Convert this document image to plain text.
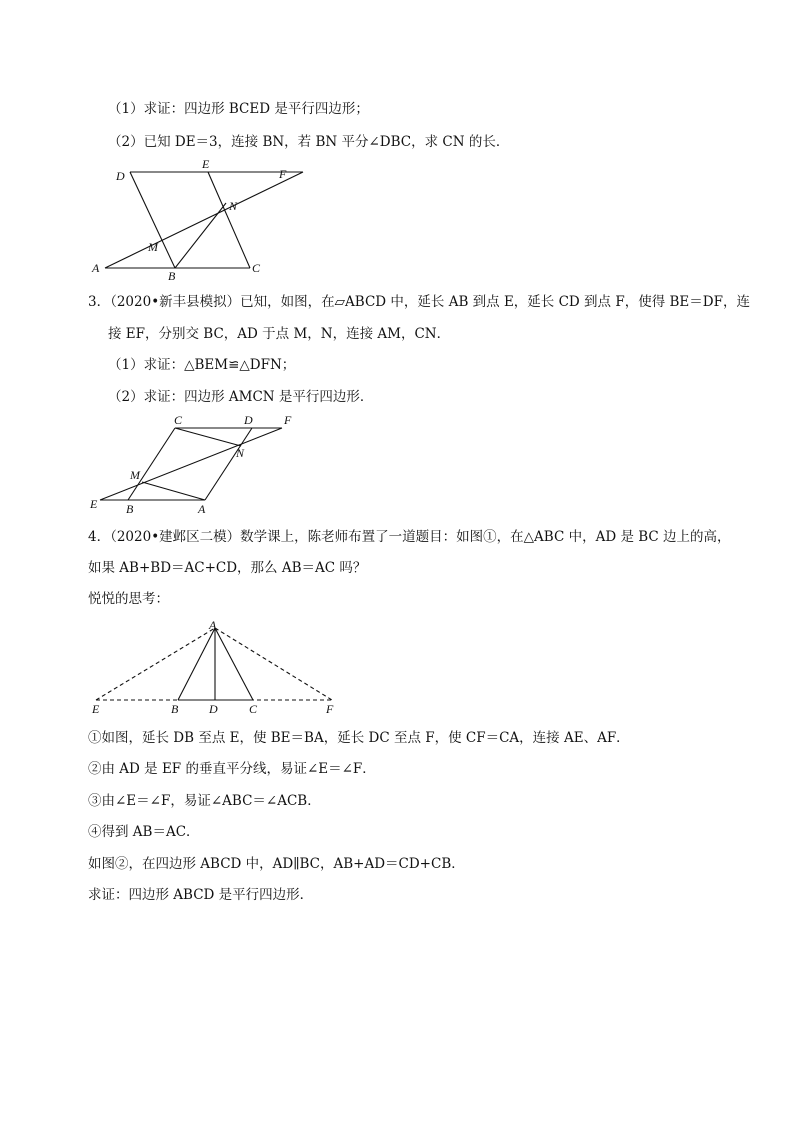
（1）求证：四边形 BCED 是平行四边形；
（2）已知 DE＝3，连接 BN，若 BN 平分∠DBC，求 CN 的长．
D
E
F
N
M
A
B
C
3．（2020•新丰县模拟）已知，如图，在▱ABCD 中，延长 AB 到点 E，延长 CD 到点 F，使得 BE＝DF，连
接 EF，分别交 BC，AD 于点 M，N，连接 AM，CN．
（1）求证：△BEM≌△DFN；
（2）求证：四边形 AMCN 是平行四边形．
C	D	F
N
M
E B	A
4．（2020•建邺区二模）数学课上，陈老师布置了一道题目：如图①，在△ABC 中，AD 是 BC 边上的高，
如果 AB+BD＝AC+CD，那么 AB＝AC 吗？
悦悦的思考：
A
E	B	D	C	F
①如图，延长 DB 至点 E，使 BE＝BA，延长 DC 至点 F，使 CF＝CA，连接 AE、AF．
②由 AD 是 EF 的垂直平分线，易证∠E＝∠F．
③由∠E＝∠F，易证∠ABC＝∠ACB．
④得到 AB＝AC．
如图②，在四边形 ABCD 中，AD∥BC，AB+AD＝CD+CB．
求证：四边形 ABCD 是平行四边形．
